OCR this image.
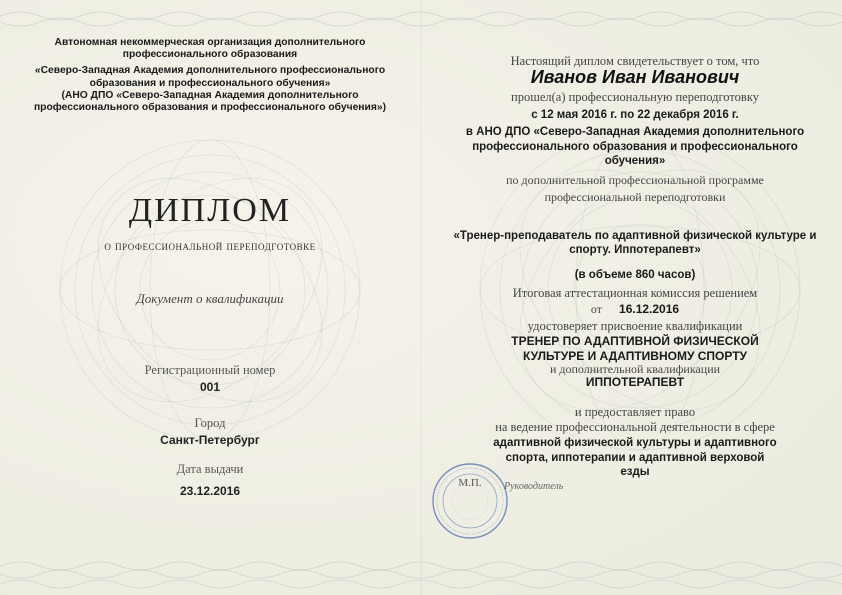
Автономная некоммерческая организация дополнительного
профессионального образования
«Северо-Западная Академия дополнительного профессионального
образования и профессионального обучения»
(АНО ДПО «Северо-Западная Академия дополнительного
профессионального образования и профессионального обучения»)
ДИПЛОМ
о профессиональной переподготовке
Документ о квалификации
Регистрационный номер
001
Город
Санкт-Петербург
Дата выдачи
23.12.2016
Настоящий диплом свидетельствует о том, что
Иванов Иван Иванович
прошел(а) профессиональную переподготовку
с 12 мая 2016 г. по 22 декабря 2016 г.
в АНО ДПО «Северо-Западная Академия дополнительного
профессионального образования и профессионального
обучения»
по дополнительной профессиональной программе
профессиональной переподготовки
«Тренер-преподаватель по адаптивной физической культуре и
спорту. Иппотерапевт»
(в объеме 860 часов)
Итоговая аттестационная комиссия решением
от 16.12.2016
удостоверяет присвоение квалификации
ТРЕНЕР ПО АДАПТИВНОЙ ФИЗИЧЕСКОЙ
КУЛЬТУРЕ И АДАПТИВНОМУ СПОРТУ
и дополнительной квалификации
ИППОТЕРАПЕВТ
и предоставляет право
на ведение профессиональной деятельности в сфере
адаптивной физической культуры и адаптивного
спорта, иппотерапии и адаптивной верховой
езды
М.П.	Руководитель
